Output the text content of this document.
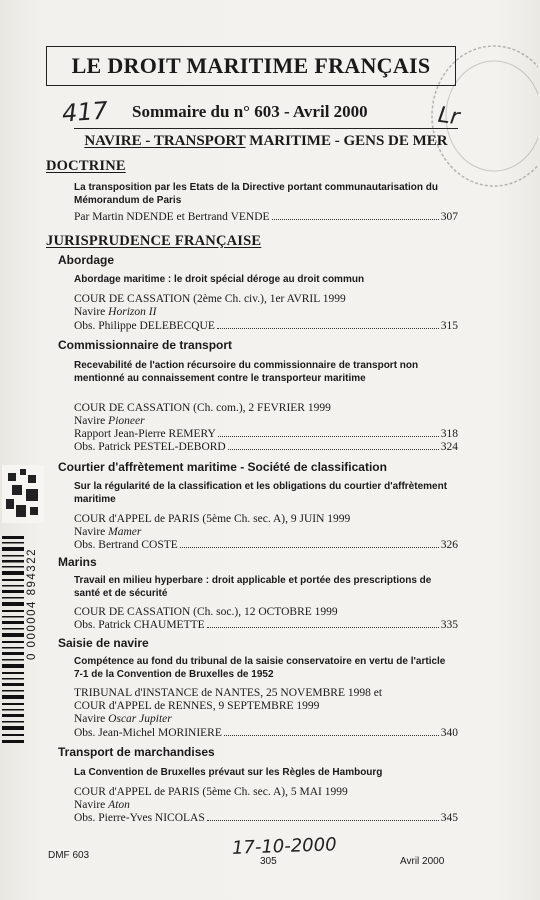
LE DROIT MARITIME FRANÇAIS
417 Sommaire du n° 603 - Avril 2000	Lr
NAVIRE - TRANSPORT MARITIME - GENS DE MER
DOCTRINE
La transposition par les Etats de la Directive portant communautarisation du Mémorandum de Paris
Par Martin NDENDE et Bertrand VENDE	307
JURISPRUDENCE FRANÇAISE
Abordage
Abordage maritime : le droit spécial déroge au droit commun
COUR DE CASSATION (2ème Ch. civ.), 1er AVRIL 1999
Navire Horizon II
Obs. Philippe DELEBECQUE	315
Commissionnaire de transport
Recevabilité de l'action récursoire du commissionnaire de transport non mentionné au connaissement contre le transporteur maritime
COUR DE CASSATION (Ch. com.), 2 FEVRIER 1999
Navire Pioneer
Rapport Jean-Pierre REMERY	318
Obs. Patrick PESTEL-DEBORD	324
Courtier d'affrètement maritime - Société de classification
Sur la régularité de la classification et les obligations du courtier d'affrètement maritime
COUR d'APPEL de PARIS (5ème Ch. sec. A), 9 JUIN 1999
Navire Mamer
Obs. Bertrand COSTE	326
Marins
Travail en milieu hyperbare : droit applicable et portée des prescriptions de santé et de sécurité
COUR DE CASSATION (Ch. soc.), 12 OCTOBRE 1999
Obs. Patrick CHAUMETTE	335
Saisie de navire
Compétence au fond du tribunal de la saisie conservatoire en vertu de l'article 7-1 de la Convention de Bruxelles de 1952
TRIBUNAL d'INSTANCE de NANTES, 25 NOVEMBRE 1998 et
COUR d'APPEL de RENNES, 9 SEPTEMBRE 1999
Navire Oscar Jupiter
Obs. Jean-Michel MORINIERE	340
Transport de marchandises
La Convention de Bruxelles prévaut sur les Règles de Hambourg
COUR d'APPEL de PARIS (5ème Ch. sec. A), 5 MAI 1999
Navire Aton
Obs. Pierre-Yves NICOLAS	345
0 000004 894322
17-10-2000
DMF 603
305	Avril 2000
